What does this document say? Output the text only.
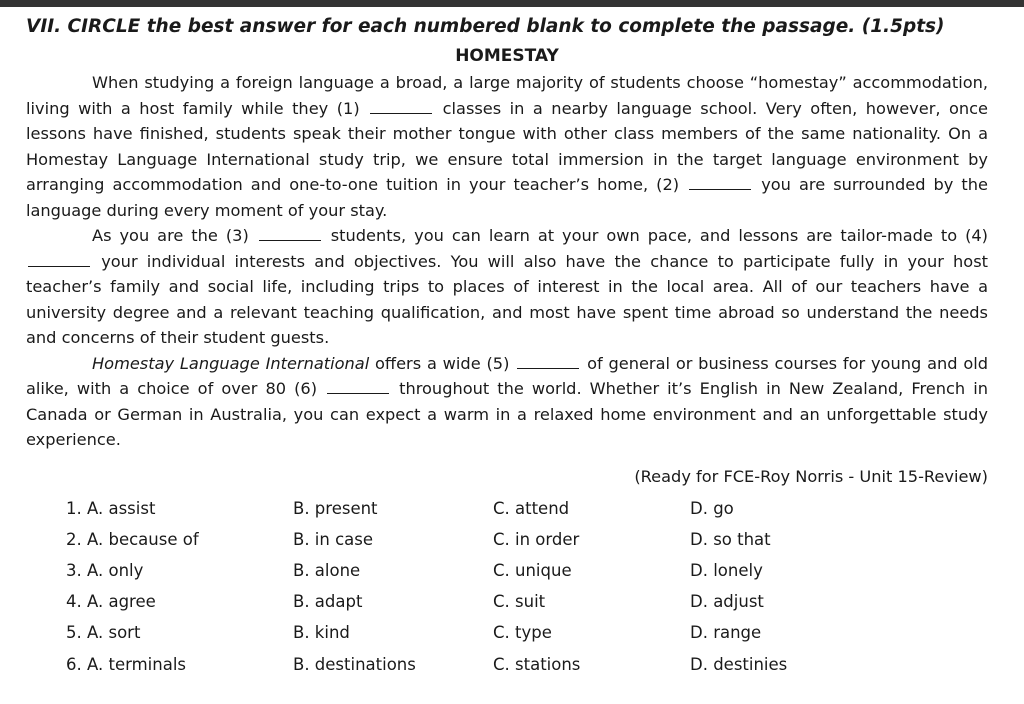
VII. CIRCLE the best answer for each numbered blank to complete the passage. (1.5pts)

HOMESTAY

When studying a foreign language a broad, a large majority of students choose “homestay” accommodation, living with a host family while they (1)	classes in a nearby language school. Very often, however, once lessons have finished, students speak their mother tongue with other class members of the same nationality. On a Homestay Language International study trip, we ensure total immersion in the target language environment by arranging accommodation and one-to-one tuition in your teacher’s home, (2)	you are surrounded by the language during every moment of your stay.

As you are the (3)	students, you can learn at your own pace, and lessons are tailor-made to (4)  your individual interests and objectives. You will also have the chance to participate fully in your host teacher’s family and social life, including trips to places of interest in the local area. All of our teachers have a university degree and a relevant teaching qualification, and most have spent time abroad so understand the needs and concerns of their student guests.

Homestay Language International offers a wide (5)	of general or business courses for young and old alike, with a choice of over 80 (6)	throughout the world. Whether it’s English in New Zealand, French in Canada or German in Australia, you can expect a warm in a relaxed home environment and an unforgettable study experience.

(Ready for FCE-Roy Norris - Unit 15-Review)

1. A. assist	B. present	C. attend	D. go
2. A. because of	B. in case	C. in order	D. so that
3. A. only	B. alone	C. unique	D. lonely
4. A. agree	B. adapt	C. suit	D. adjust
5. A. sort	B. kind	C. type	D. range
6. A. terminals	B. destinations	C. stations	D. destinies
